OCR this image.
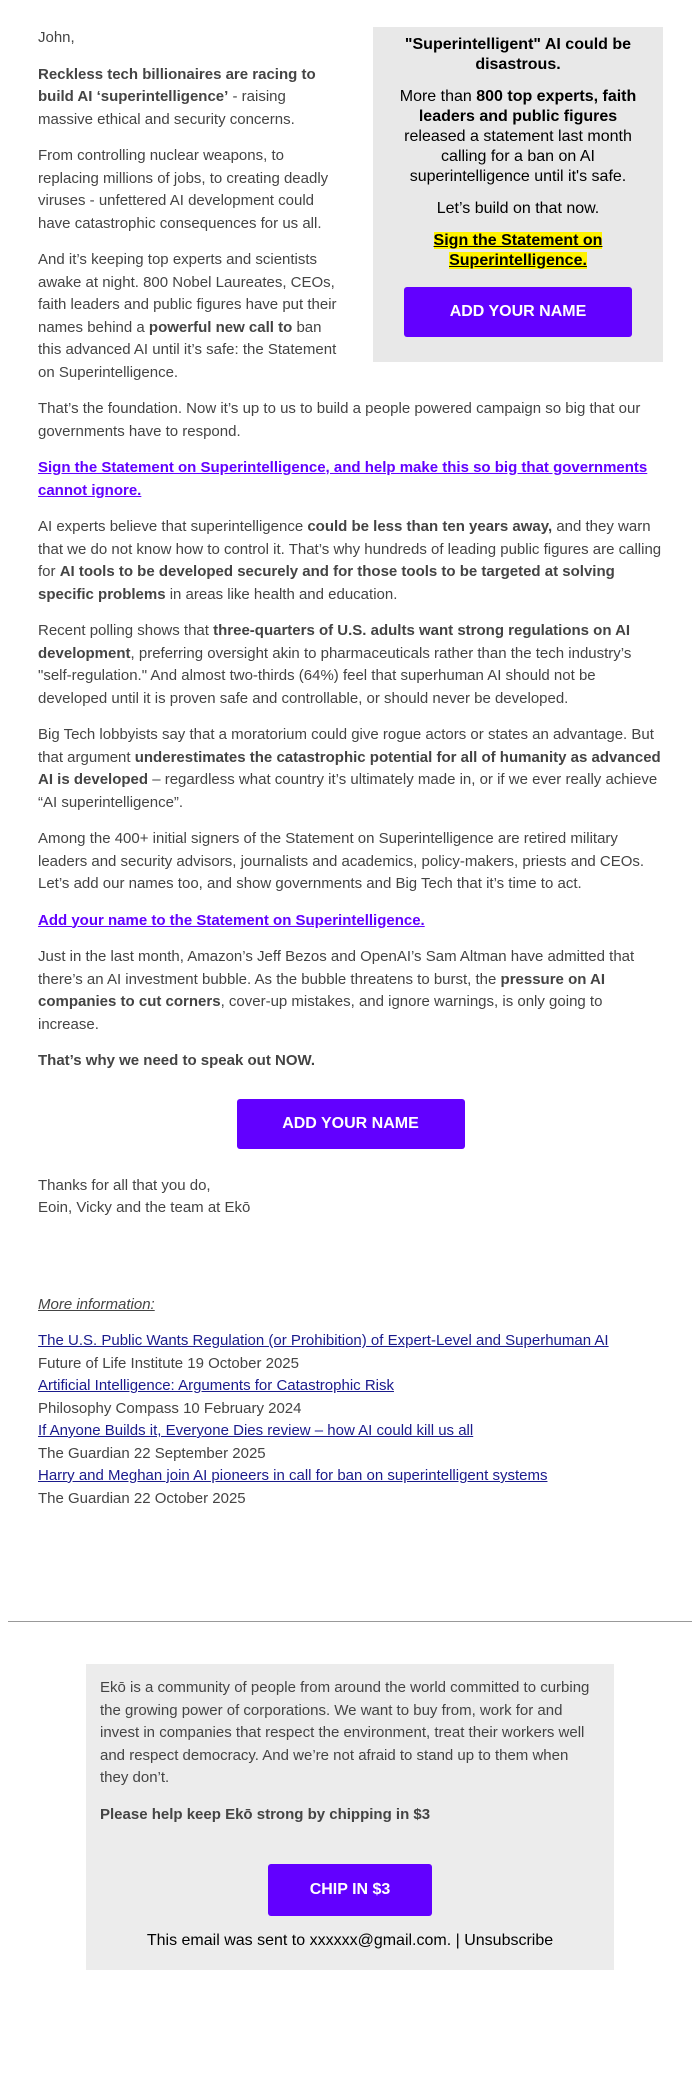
"Superintelligent" AI could be disastrous.
More than 800 top experts, faith leaders and public figures released a statement last month calling for a ban on AI superintelligence until it's safe.
Let’s build on that now.
Sign the Statement on Superintelligence.
ADD YOUR NAME

John,

Reckless tech billionaires are racing to build AI ‘superintelligence’ - raising massive ethical and security concerns.

From controlling nuclear weapons, to replacing millions of jobs, to creating deadly viruses - unfettered AI development could have catastrophic consequences for us all.

And it’s keeping top experts and scientists awake at night. 800 Nobel Laureates, CEOs, faith leaders and public figures have put their names behind a powerful new call to ban this advanced AI until it’s safe: the Statement on Superintelligence.

That’s the foundation. Now it’s up to us to build a people powered campaign so big that our governments have to respond.

Sign the Statement on Superintelligence, and help make this so big that governments cannot ignore.

AI experts believe that superintelligence could be less than ten years away, and they warn that we do not know how to control it. That’s why hundreds of leading public figures are calling for AI tools to be developed securely and for those tools to be targeted at solving specific problems in areas like health and education.

Recent polling shows that three-quarters of U.S. adults want strong regulations on AI development, preferring oversight akin to pharmaceuticals rather than the tech industry’s "self-regulation." And almost two-thirds (64%) feel that superhuman AI should not be developed until it is proven safe and controllable, or should never be developed.

Big Tech lobbyists say that a moratorium could give rogue actors or states an advantage. But that argument underestimates the catastrophic potential for all of humanity as advanced AI is developed – regardless what country it’s ultimately made in, or if we ever really achieve “AI superintelligence”.

Among the 400+ initial signers of the Statement on Superintelligence are retired military leaders and security advisors, journalists and academics, policy-makers, priests and CEOs. Let’s add our names too, and show governments and Big Tech that it’s time to act.

Add your name to the Statement on Superintelligence.

Just in the last month, Amazon’s Jeff Bezos and OpenAI’s Sam Altman have admitted that there’s an AI investment bubble. As the bubble threatens to burst, the pressure on AI companies to cut corners, cover-up mistakes, and ignore warnings, is only going to increase.

That’s why we need to speak out NOW.

ADD YOUR NAME
Thanks for all that you do,
Eoin, Vicky and the team at Ekō
More information:
The U.S. Public Wants Regulation (or Prohibition) of Expert-Level and Superhuman AI
Future of Life Institute 19 October 2025
Artificial Intelligence: Arguments for Catastrophic Risk
Philosophy Compass 10 February 2024
If Anyone Builds it, Everyone Dies review – how AI could kill us all
The Guardian 22 September 2025
Harry and Meghan join AI pioneers in call for ban on superintelligent systems
The Guardian 22 October 2025

Ekō is a community of people from around the world committed to curbing the growing power of corporations. We want to buy from, work for and invest in companies that respect the environment, treat their workers well and respect democracy. And we’re not afraid to stand up to them when they don’t.

Please help keep Ekō strong by chipping in $3

CHIP IN $3
This email was sent to xxxxxx@gmail.com. | Unsubscribe
